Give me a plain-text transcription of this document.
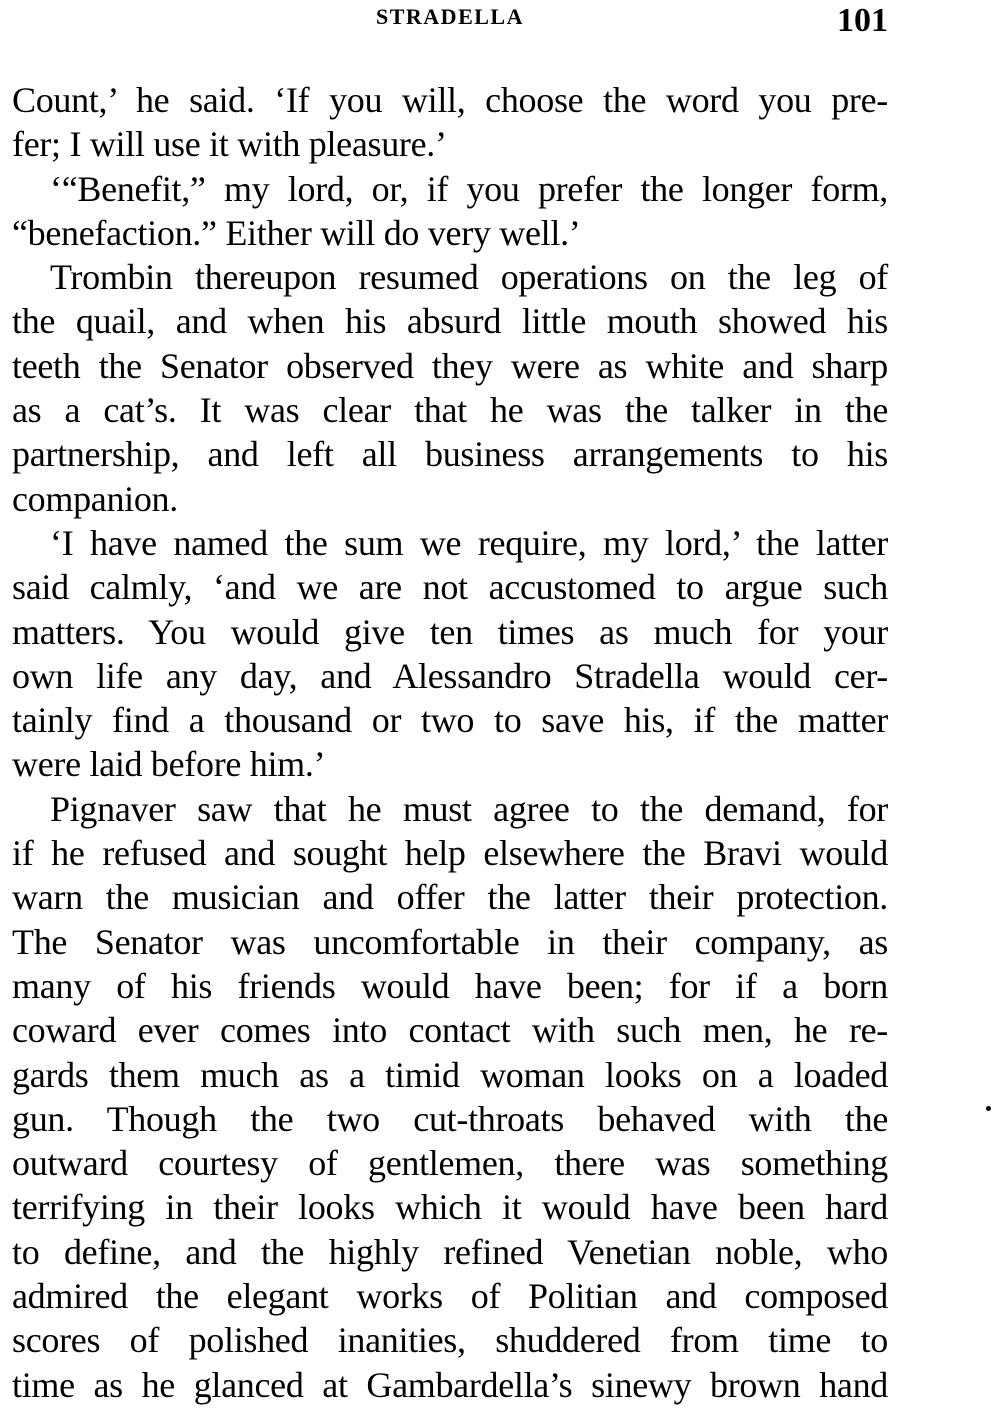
STRADELLA	101
Count,’ he said. ‘If you will, choose the word you pre-
fer; I will use it with pleasure.’
‘“Benefit,” my lord, or, if you prefer the longer form,
“benefaction.” Either will do very well.’
Trombin thereupon resumed operations on the leg of
the quail, and when his absurd little mouth showed his
teeth the Senator observed they were as white and sharp
as a cat’s. It was clear that he was the talker in the
partnership, and left all business arrangements to his
companion.
‘I have named the sum we require, my lord,’ the latter
said calmly, ‘and we are not accustomed to argue such
matters. You would give ten times as much for your
own life any day, and Alessandro Stradella would cer-
tainly find a thousand or two to save his, if the matter
were laid before him.’
Pignaver saw that he must agree to the demand, for
if he refused and sought help elsewhere the Bravi would
warn the musician and offer the latter their protection.
The Senator was uncomfortable in their company, as
many of his friends would have been; for if a born
coward ever comes into contact with such men, he re-
gards them much as a timid woman looks on a loaded
gun. Though the two cut-throats behaved with the
outward courtesy of gentlemen, there was something
terrifying in their looks which it would have been hard
to define, and the highly refined Venetian noble, who
admired the elegant works of Politian and composed
scores of polished inanities, shuddered from time to
time as he glanced at Gambardella’s sinewy brown hand
